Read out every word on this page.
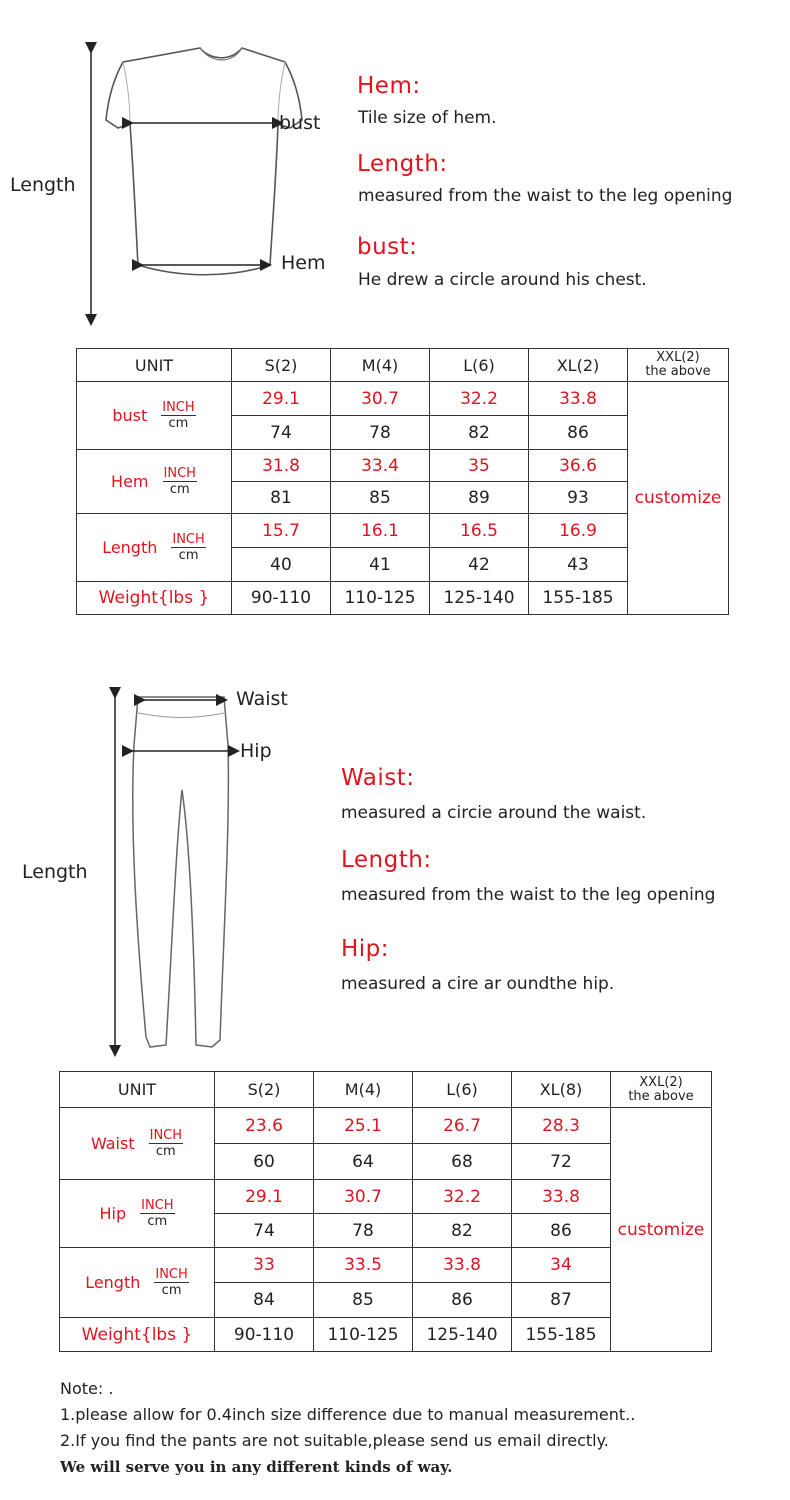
Length
bust
Hem
Hem:
Tile size of hem.
Length:
measured from the waist to the leg opening
bust:
He drew a circle around his chest.
UNIT	S(2)	M(4)	L(6)	XL(2)	XXL(2)
the above

bust $\frac{\text{INCH}}{cm}$	29.1	30.7	32.2	33.8	customize
	74	78	82	86	

Hem $\frac{\text{INCH}}{cm}$	31.8	33.4	35	36.6	
	81	85	89	93	

Length $\frac{\text{INCH}}{cm}$	15.7	16.1	16.5	16.9	
	40	41	42	43	
Weight{lbs }	90-110	110-125	125-140	155-185	
Waist
Hip
Length
Waist:
measured a circie around the waist.
Length:
measured from the waist to the leg opening
Hip:
measured a cire ar oundthe hip.
UNIT	S(2)	M(4)	L(6)	XL(8)	XXL(2)
the above

Waist $\frac{\text{INCH}}{cm}$	23.6	25.1	26.7	28.3	customize
	60	64	68	72	

Hip $\frac{\text{INCH}}{cm}$	29.1	30.7	32.2	33.8	
	74	78	82	86	

Length $\frac{\text{INCH}}{cm}$	33	33.5	33.8	34	
	84	85	86	87	
Weight{lbs }	90-110	110-125	125-140	155-185	
Note: .
1.please allow for 0.4inch size difference due to manual measurement..
2.If you find the pants are not suitable,please send us email directly.
We will serve you in any different kinds of way.
